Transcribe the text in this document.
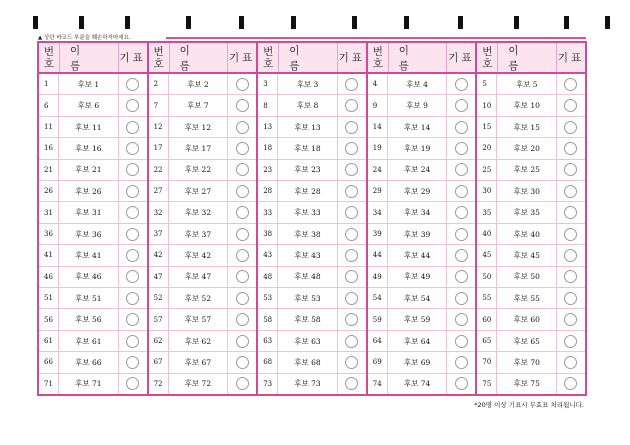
▲ 상단 바코드 부분을 훼손하지마세요.
번
호
이 름
기표
1	후보 1
6	후보 6
11	후보 11
16	후보 16
21	후보 21
26	후보 26
31	후보 31
36	후보 36
41	후보 41
46	후보 46
51	후보 51
56	후보 56
61	후보 61
66	후보 66
71	후보 71
번
호
이 름
기표
2	후보 2
7	후보 7
12	후보 12
17	후보 17
22	후보 22
27	후보 27
32	후보 32
37	후보 37
42	후보 42
47	후보 47
52	후보 52
57	후보 57
62	후보 62
67	후보 67
72	후보 72
번
호
이 름
기표
3	후보 3
8	후보 8
13	후보 13
18	후보 18
23	후보 23
28	후보 28
33	후보 33
38	후보 38
43	후보 43
48	후보 48
53	후보 53
58	후보 58
63	후보 63
68	후보 68
73	후보 73
번
호
이 름
기표
4	후보 4
9	후보 9
14	후보 14
19	후보 19
24	후보 24
29	후보 29
34	후보 34
39	후보 39
44	후보 44
49	후보 49
54	후보 54
59	후보 59
64	후보 64
69	후보 69
74	후보 74
번
호
이 름
기표
5	후보 5
10	후보 10
15	후보 15
20	후보 20
25	후보 25
30	후보 30
35	후보 35
40	후보 40
45	후보 45
50	후보 50
55	후보 55
60	후보 60
65	후보 65
70	후보 70
75	후보 75
*20명 이상 기표시 무효표 처리됩니다.
